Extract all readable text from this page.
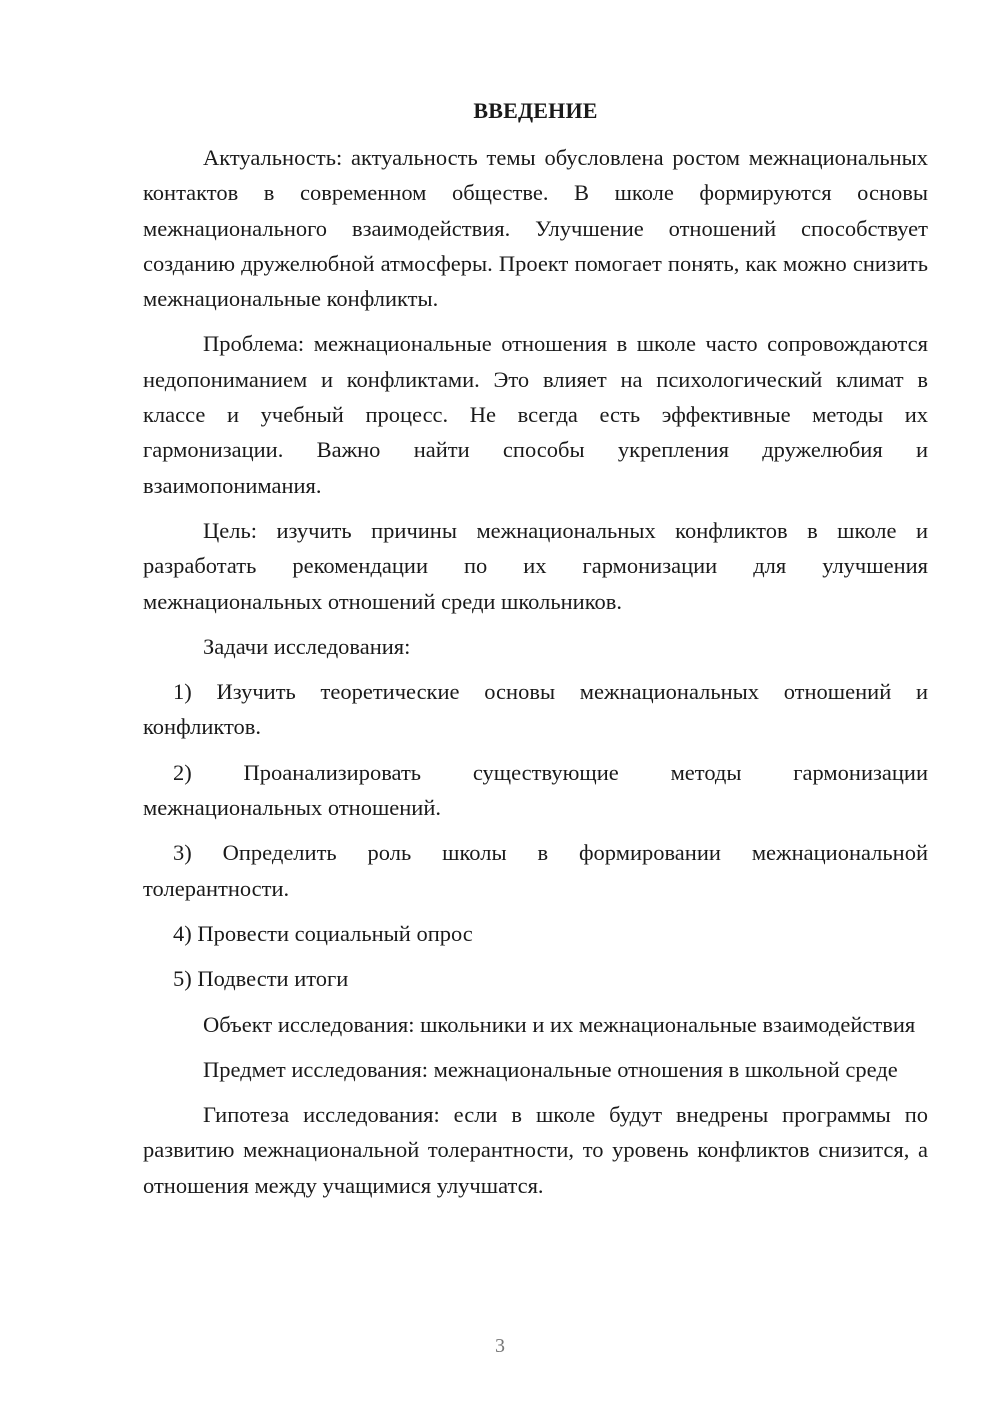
ВВЕДЕНИЕ

Актуальность: актуальность темы обусловлена ростом межнациональных контактов в современном обществе. В школе формируются основы межнационального взаимодействия. Улучшение отношений способствует созданию дружелюбной атмосферы. Проект помогает понять, как можно снизить межнациональные конфликты.

Проблема: межнациональные отношения в школе часто сопровождаются недопониманием и конфликтами. Это влияет на психологический климат в классе и учебный процесс. Не всегда есть эффективные методы их гармонизации. Важно найти способы укрепления дружелюбия и взаимопонимания.

Цель: изучить причины межнациональных конфликтов в школе и разработать рекомендации по их гармонизации для улучшения межнациональных отношений среди школьников.

Задачи исследования:

1) Изучить теоретические основы межнациональных отношений и конфликтов.

2) Проанализировать существующие методы гармонизации межнациональных отношений.

3) Определить роль школы в формировании межнациональной толерантности.

4) Провести социальный опрос

5) Подвести итоги

Объект исследования: школьники и их межнациональные взаимодействия

Предмет исследования: межнациональные отношения в школьной среде

Гипотеза исследования: если в школе будут внедрены программы по развитию межнациональной толерантности, то уровень конфликтов снизится, а отношения между учащимися улучшатся.

3
